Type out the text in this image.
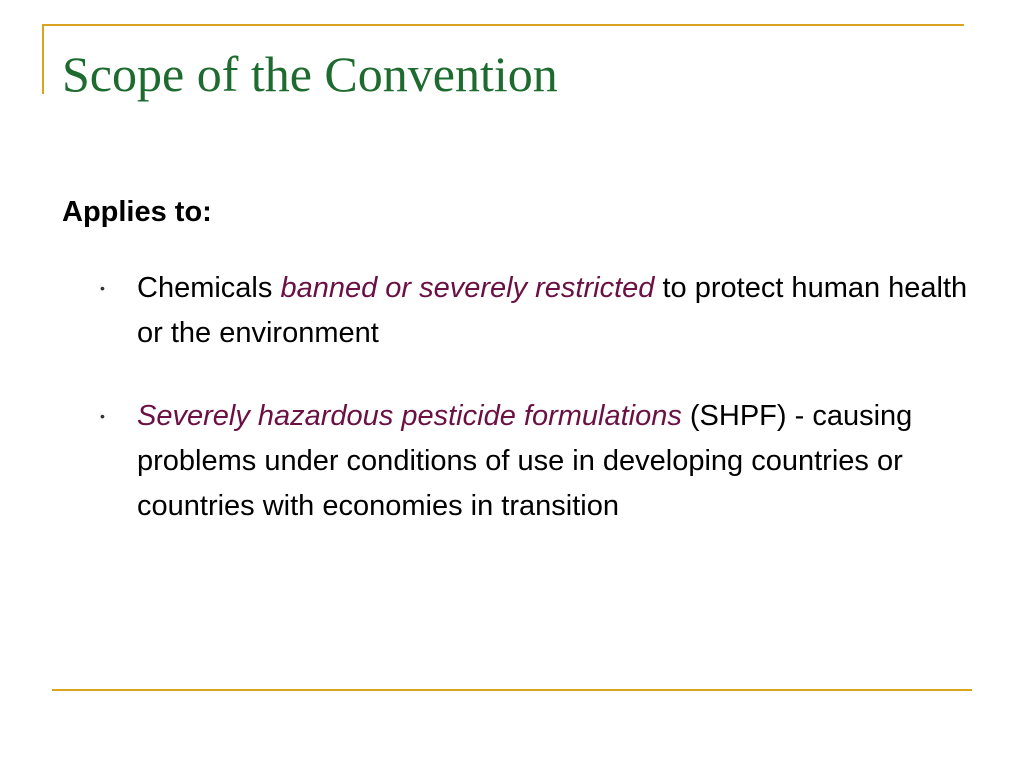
Scope of the Convention

Applies to:

• Chemicals banned or severely restricted to protect human health or the environment
• Severely hazardous pesticide formulations (SHPF) - causing problems under conditions of use in developing countries or countries with economies in transition
